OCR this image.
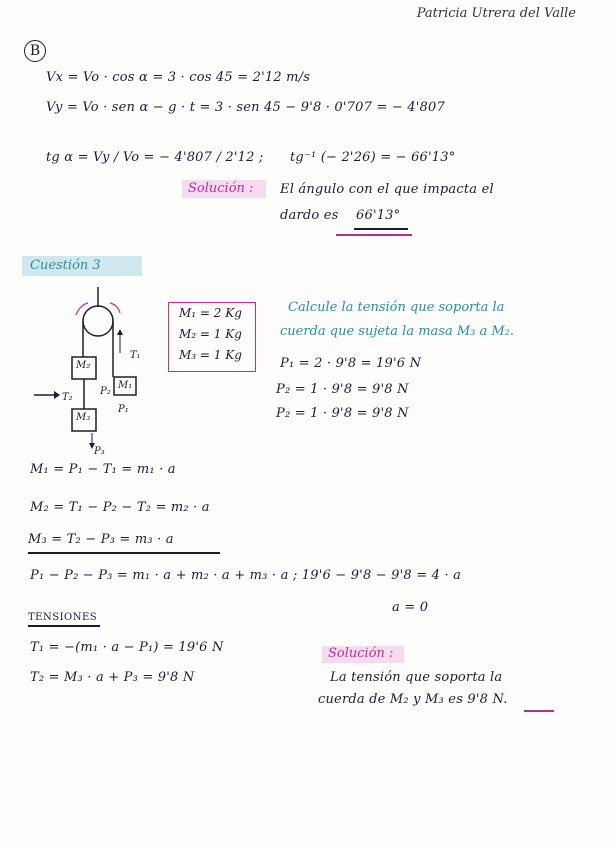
Patricia Utrera del Valle
B
Vx = Vo · cos α = 3 · cos 45 = 2'12 m/s
Vy = Vo · sen α − g · t = 3 · sen 45 − 9'8 · 0'707 = − 4'807
tg α = Vy / Vo = − 4'807 / 2'12 ; tg⁻¹ (− 2'26) = − 66'13°
Solución : El ángulo con el que impacta el
dardo es 66'13°
Cuestión 3
M₂
M₁
M₃
T₁
T₂
P₂
P₁
P₃
M₁ = 2 Kg
M₂ = 1 Kg
M₃ = 1 Kg
Calcule la tensión que soporta la
cuerda que sujeta la masa M₃ a M₂.
P₁ = 2 · 9'8 = 19'6 N
P₂ = 1 · 9'8 = 9'8 N
P₂ = 1 · 9'8 = 9'8 N
M₁ = P₁ − T₁ = m₁ · a
M₂ = T₁ − P₂ − T₂ = m₂ · a
M₃ = T₂ − P₃ = m₃ · a
P₁ − P₂ − P₃ = m₁ · a + m₂ · a + m₃ · a ; 19'6 − 9'8 − 9'8 = 4 · a
a = 0
TENSIONES
T₁ = −(m₁ · a − P₁) = 19'6 N
T₂ = M₃ · a + P₃ = 9'8 N
Solución :
La tensión que soporta la
cuerda de M₂ y M₃ es 9'8 N.
